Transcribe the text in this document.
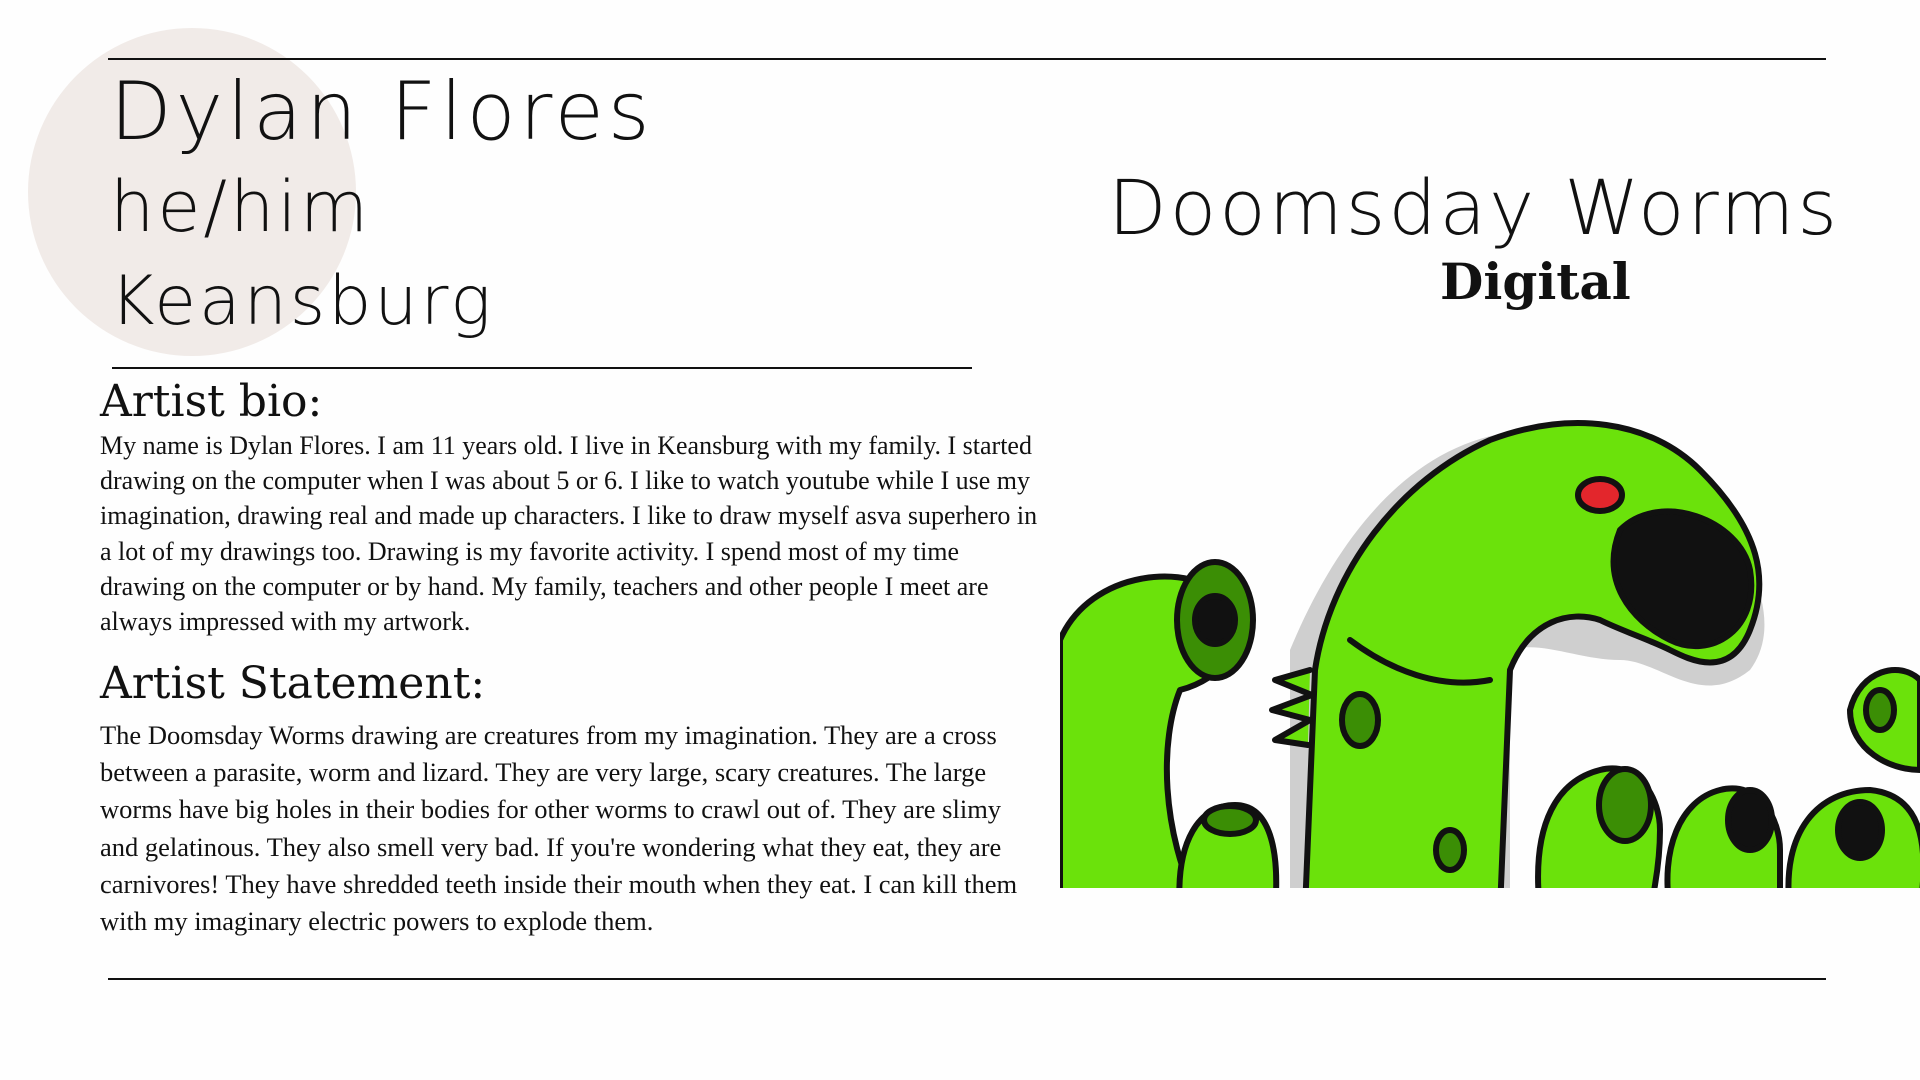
Dylan Flores
he/him
Keansburg
Doomsday Worms
Digital
Artist bio:
My name is Dylan Flores. I am 11 years old. I live in Keansburg with my family. I started drawing on the computer when I was about 5 or 6. I like to watch youtube while I use my imagination, drawing real and made up characters. I like to draw myself asva superhero in a lot of my drawings too. Drawing is my favorite activity. I spend most of my time drawing on the computer or by hand. My family, teachers and other people I meet are always impressed with my artwork.
Artist Statement:
The Doomsday Worms drawing are creatures from my imagination. They are a cross between a parasite, worm and lizard. They are very large, scary creatures. The large worms have big holes in their bodies for other worms to crawl out of. They are slimy and gelatinous. They also smell very bad. If you're wondering what they eat, they are carnivores! They have shredded teeth inside their mouth when they eat. I can kill them with my imaginary electric powers to explode them.
